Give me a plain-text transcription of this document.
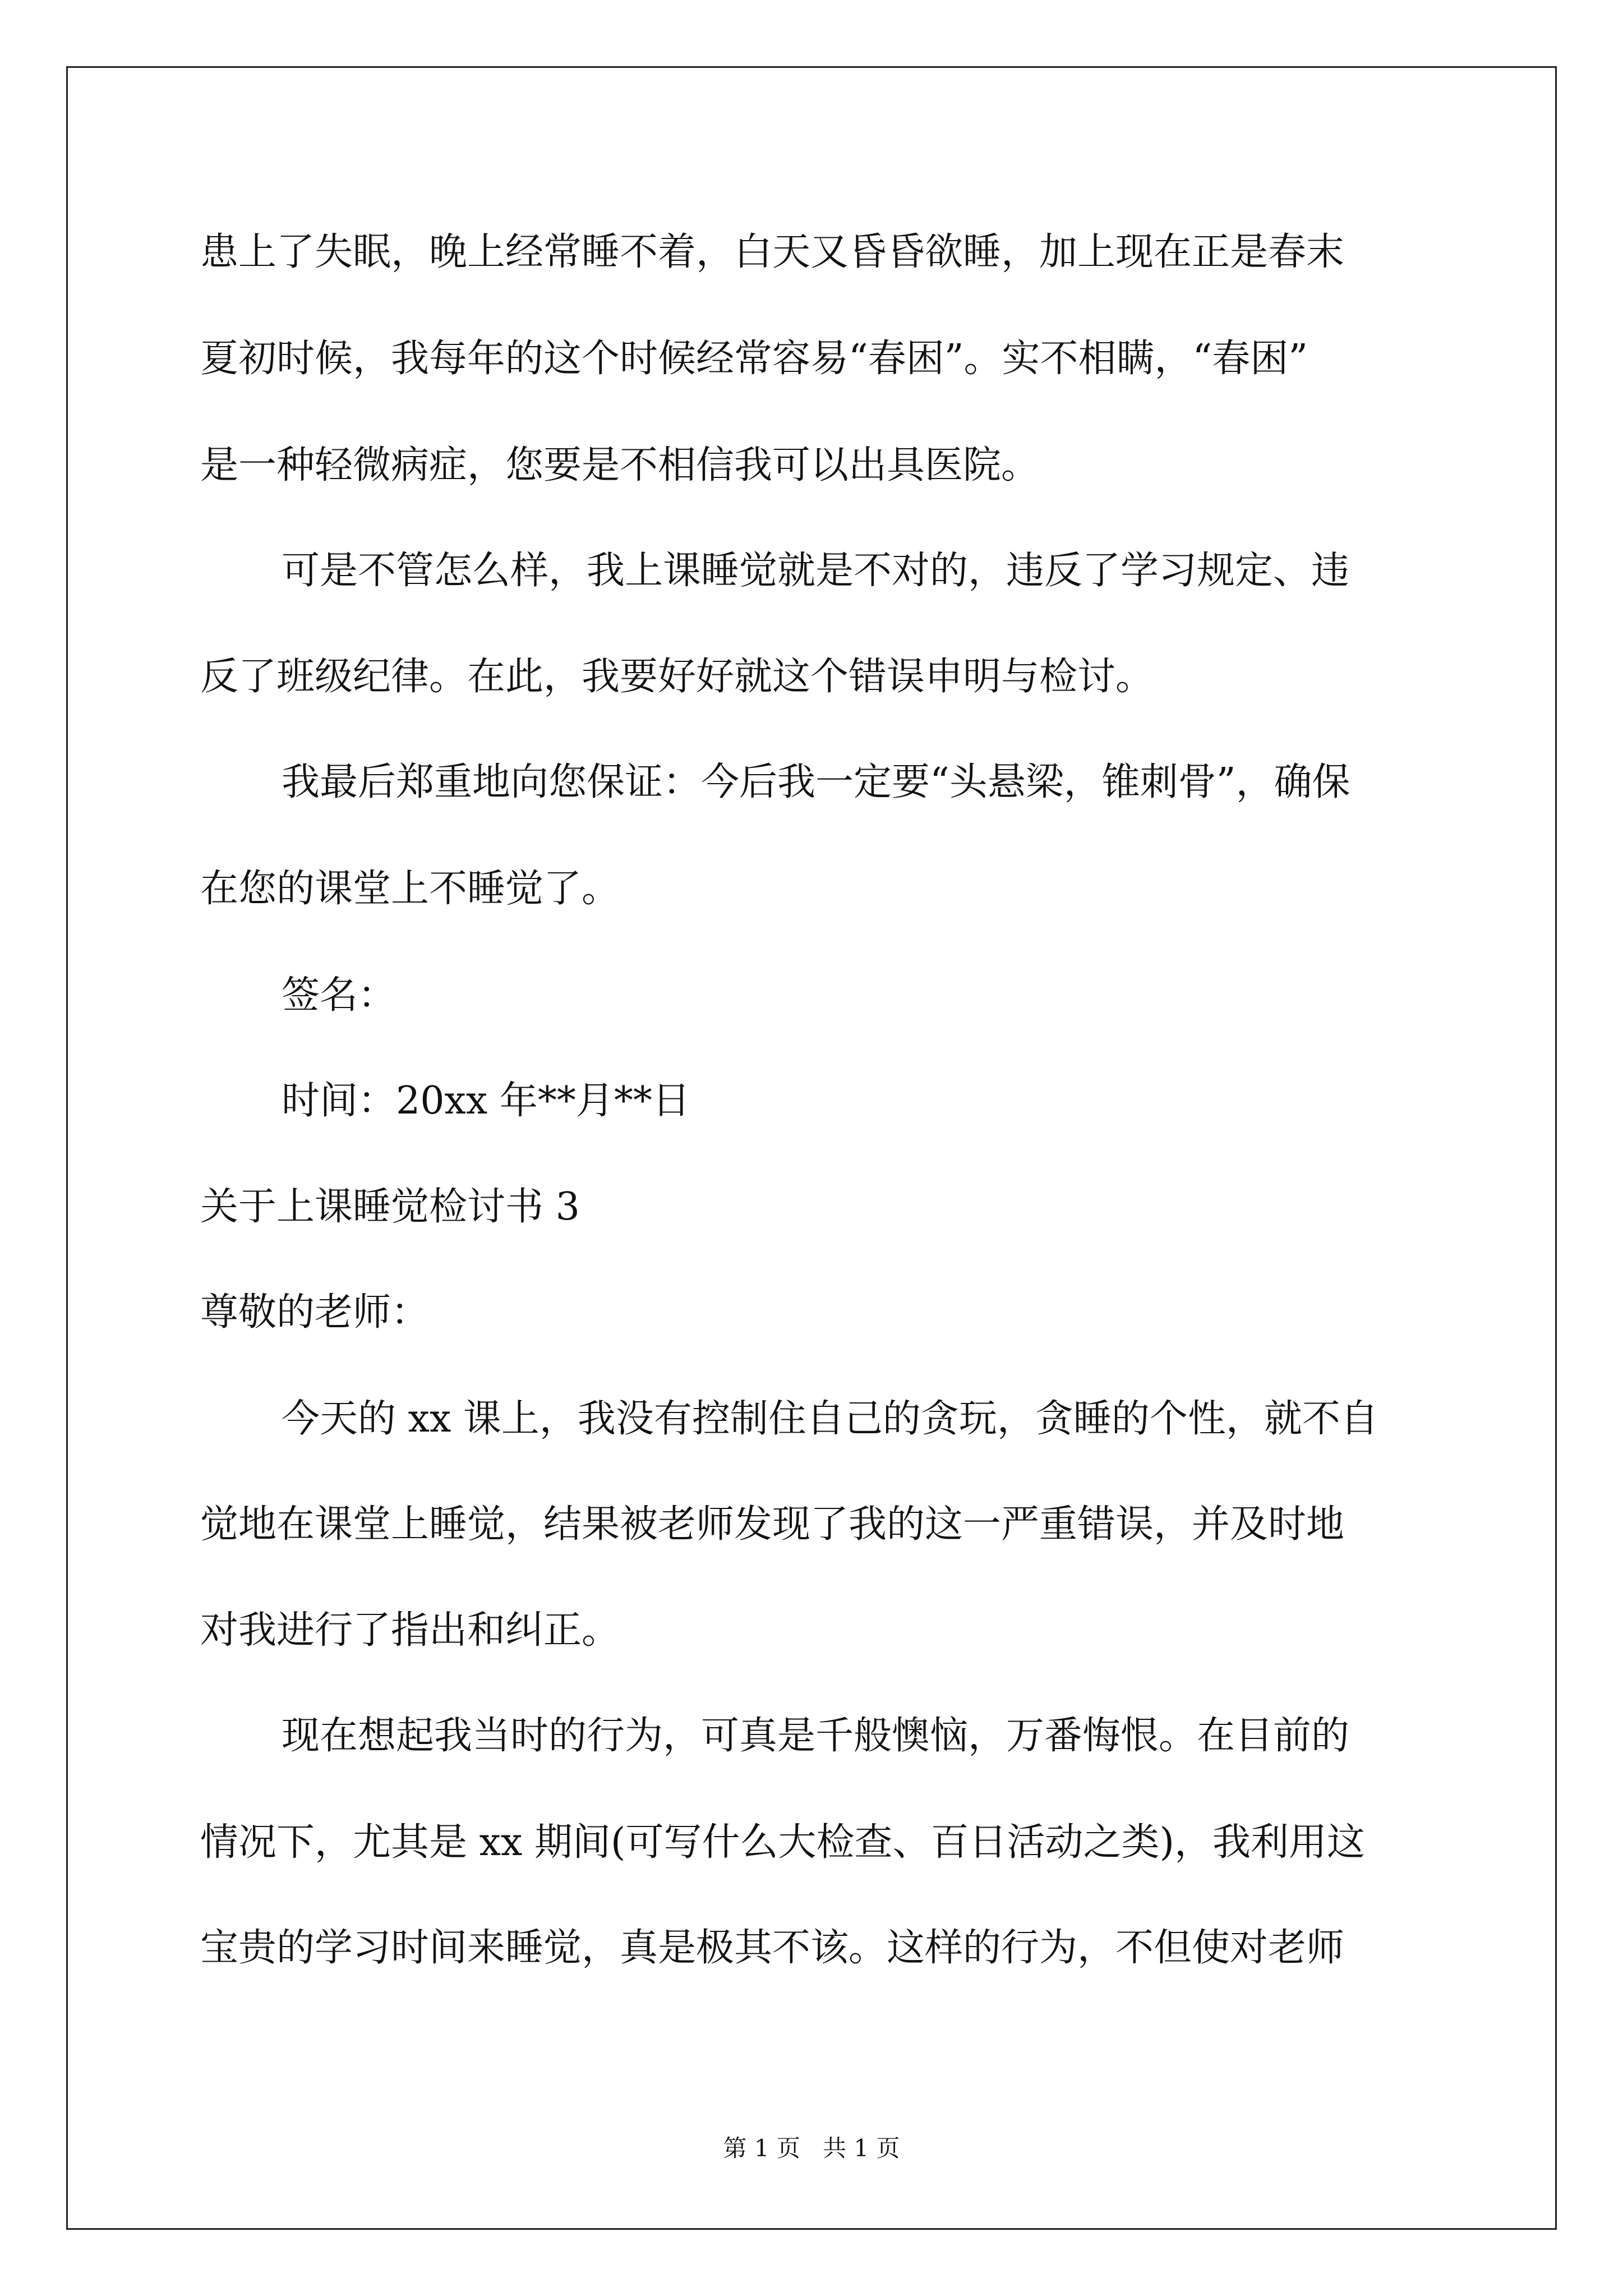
患上了失眠，晚上经常睡不着，白天又昏昏欲睡，加上现在正是春末
夏初时候，我每年的这个时候经常容易“春困”。实不相瞒，“春困”
是一种轻微病症，您要是不相信我可以出具医院。
可是不管怎么样，我上课睡觉就是不对的，违反了学习规定、违
反了班级纪律。在此，我要好好就这个错误申明与检讨。
我最后郑重地向您保证：今后我一定要“头悬梁，锥刺骨”，确保
在您的课堂上不睡觉了。
签名：
时间：20xx 年**月**日
关于上课睡觉检讨书 3
尊敬的老师：
今天的 xx 课上，我没有控制住自己的贪玩，贪睡的个性，就不自
觉地在课堂上睡觉，结果被老师发现了我的这一严重错误，并及时地
对我进行了指出和纠正。
现在想起我当时的行为，可真是千般懊恼，万番悔恨。在目前的
情况下，尤其是 xx 期间(可写什么大检查、百日活动之类)，我利用这
宝贵的学习时间来睡觉，真是极其不该。这样的行为，不但使对老师
第 1 页   共 1 页
